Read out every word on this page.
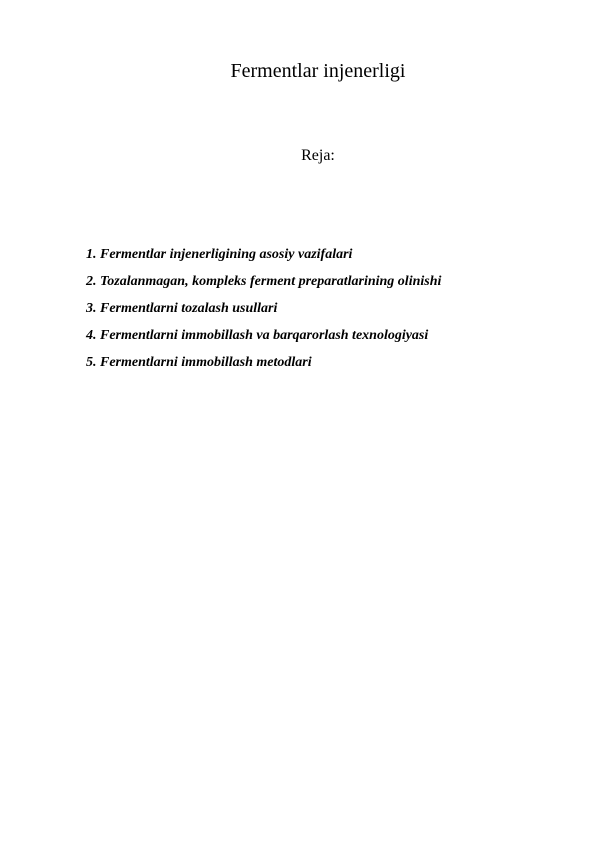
Fermentlar injenerligi
Reja:
1. Fermentlar injenerligining asosiy vazifalari
2. Tozalanmagan, kompleks ferment preparatlarining olinishi
3. Fermentlarni tozalash usullari
4. Fermentlarni immobillash va barqarorlash texnologiyasi
5. Fermentlarni immobillash metodlari
